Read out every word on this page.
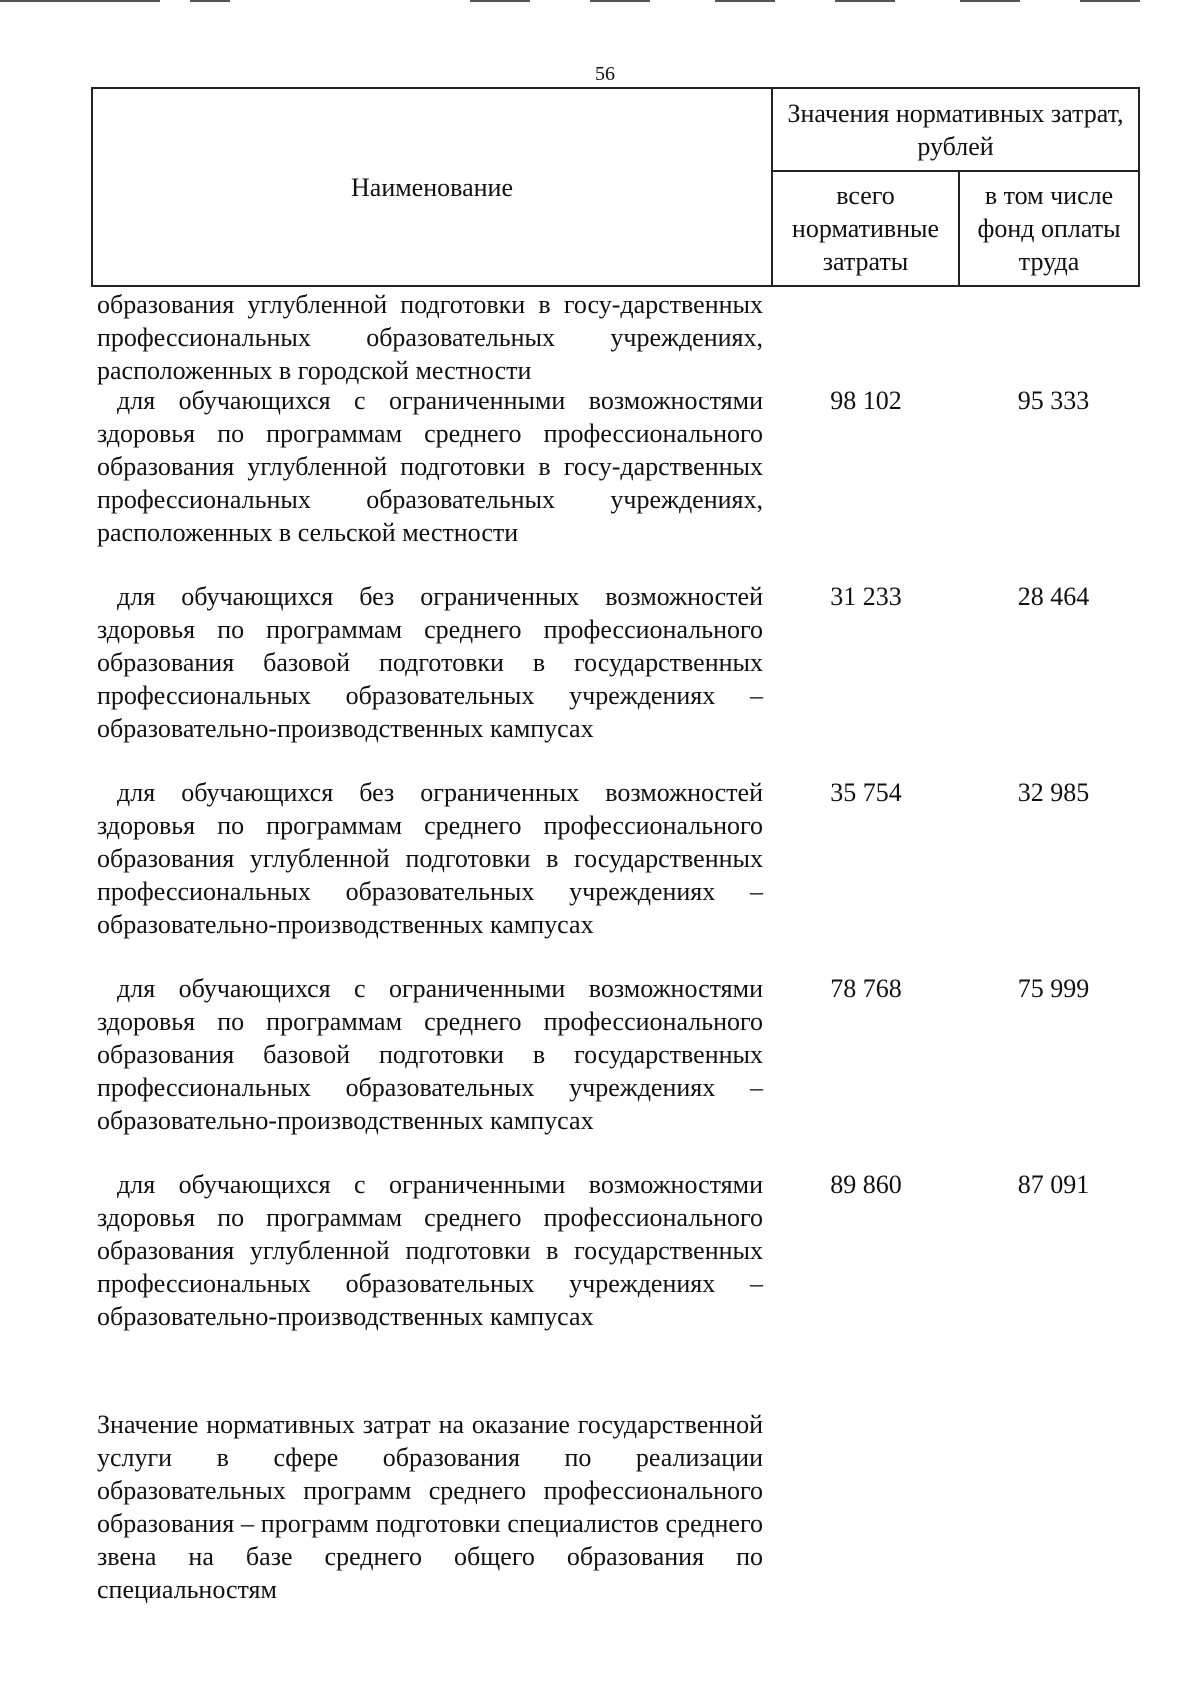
56
Наименование	Значения нормативных затрат, рублей	
	всего нормативные затраты	в том числе фонд оплаты труда
образования углубленной подготовки в госу-дарственных профессиональных образовательных учреждениях, расположенных в городской местности
для обучающихся с ограниченными возможностями здоровья по программам среднего профессионального образования углубленной подготовки в госу-дарственных профессиональных образовательных учреждениях, расположенных в сельской местности
98 102	95 333
для обучающихся без ограниченных возможностей здоровья по программам среднего профессионального образования базовой подготовки в государственных профессиональных образовательных учреждениях – образовательно-производственных кампусах
31 233	28 464
для обучающихся без ограниченных возможностей здоровья по программам среднего профессионального образования углубленной подготовки в государственных профессиональных образовательных учреждениях – образовательно-производственных кампусах
35 754	32 985
для обучающихся с ограниченными возможностями здоровья по программам среднего профессионального образования базовой подготовки в государственных профессиональных образовательных учреждениях – образовательно-производственных кампусах
78 768	75 999
для обучающихся с ограниченными возможностями здоровья по программам среднего профессионального образования углубленной подготовки в государственных профессиональных образовательных учреждениях – образовательно-производственных кампусах
89 860	87 091
Значение нормативных затрат на оказание государственной услуги в сфере образования по реализации образовательных программ среднего профессионального образования – программ подготовки специалистов среднего звена на базе среднего общего образования по специальностям
